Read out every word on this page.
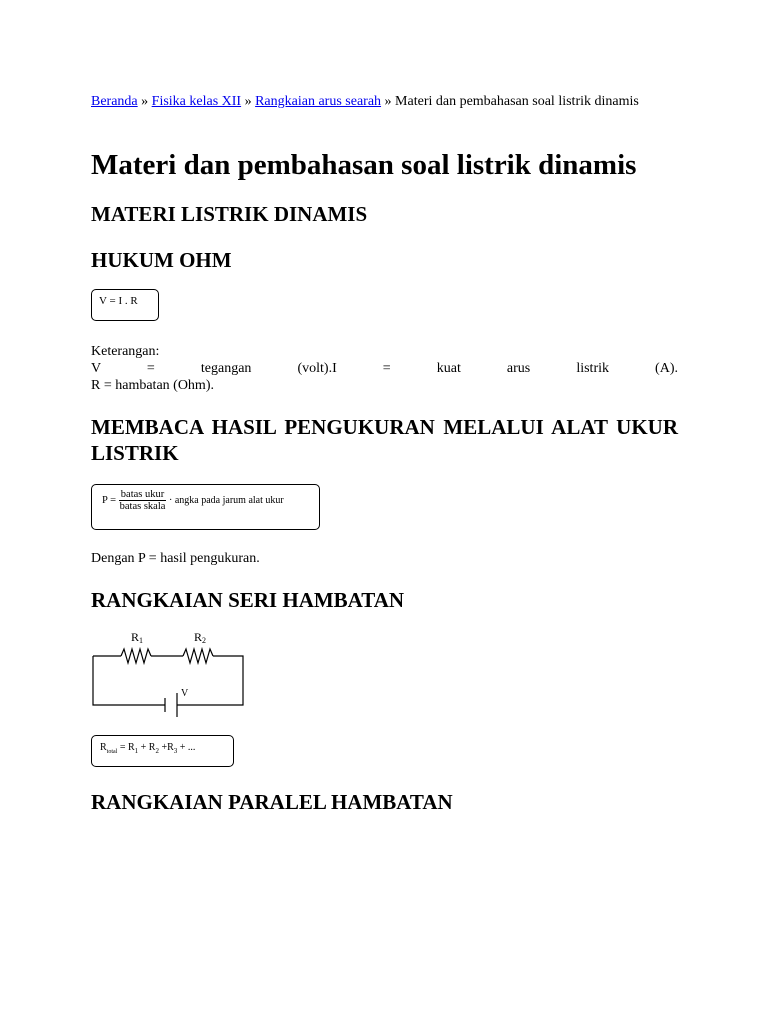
Beranda » Fisika kelas XII » Rangkaian arus searah » Materi dan pembahasan soal listrik dinamis
Materi dan pembahasan soal listrik dinamis
MATERI LISTRIK DINAMIS
HUKUM OHM
V = I . R

Keterangan:

V = tegangan (volt).I = kuat arus listrik (A).

R = hambatan (Ohm).

MEMBACA HASIL PENGUKURAN MELALUI ALAT UKUR LISTRIK
$P = \frac{\text{batas ukur}}{\text{batas skala}}$ · angka pada jarum alat ukur

Dengan P = hasil pengukuran.

RANGKAIAN SERI HAMBATAN
R1	R2
V
$R_{total} = R_1 + R_2 +R_3$ + ...
RANGKAIAN PARALEL HAMBATAN
